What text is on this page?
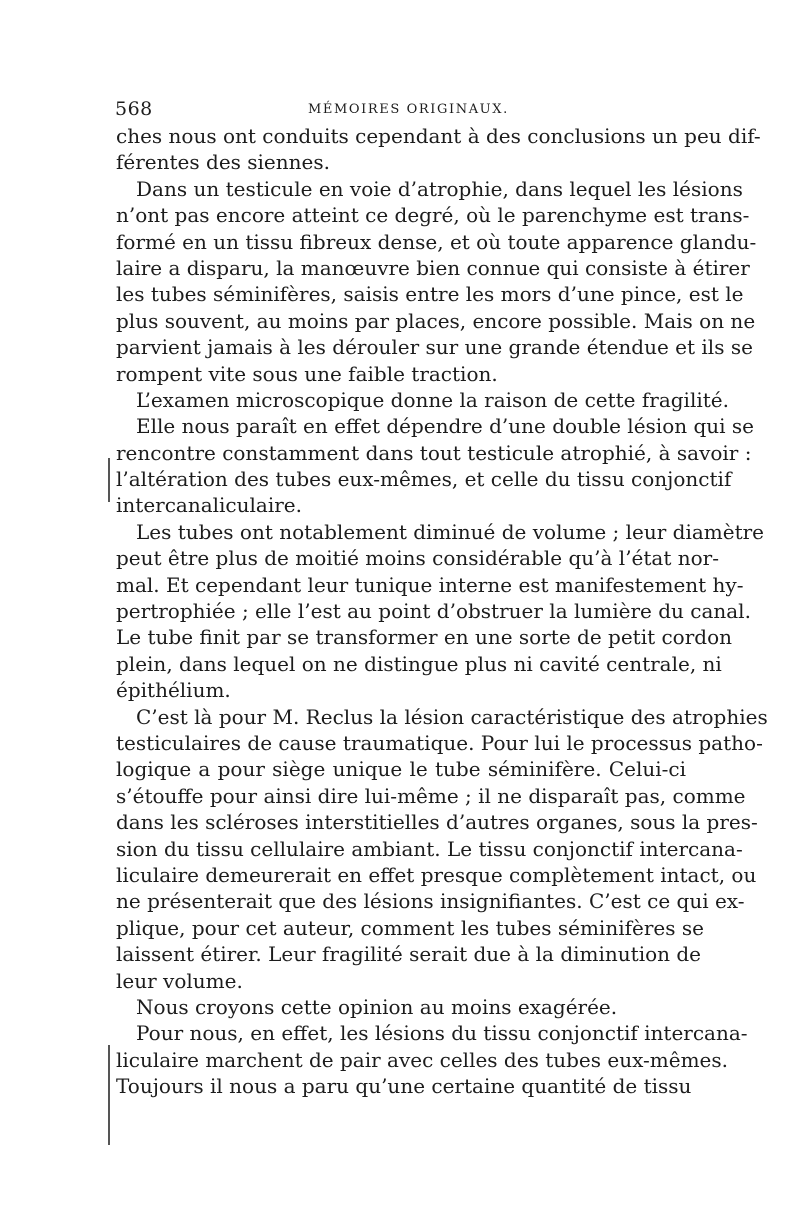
568	MÉMOIRES ORIGINAUX.
ches nous ont conduits cependant à des conclusions un peu dif-
férentes des siennes.
Dans un testicule en voie d’atrophie, dans lequel les lésions
n’ont pas encore atteint ce degré, où le parenchyme est trans-
formé en un tissu fibreux dense, et où toute apparence glandu-
laire a disparu, la manœuvre bien connue qui consiste à étirer
les tubes séminifères, saisis entre les mors d’une pince, est le
plus souvent, au moins par places, encore possible. Mais on ne
parvient jamais à les dérouler sur une grande étendue et ils se
rompent vite sous une faible traction.
L’examen microscopique donne la raison de cette fragilité.
Elle nous paraît en effet dépendre d’une double lésion qui se
rencontre constamment dans tout testicule atrophié, à savoir :
l’altération des tubes eux-mêmes, et celle du tissu conjonctif
intercanaliculaire.
Les tubes ont notablement diminué de volume ; leur diamètre
peut être plus de moitié moins considérable qu’à l’état nor-
mal. Et cependant leur tunique interne est manifestement hy-
pertrophiée ; elle l’est au point d’obstruer la lumière du canal.
Le tube finit par se transformer en une sorte de petit cordon
plein, dans lequel on ne distingue plus ni cavité centrale, ni
épithélium.
C’est là pour M. Reclus la lésion caractéristique des atrophies
testiculaires de cause traumatique. Pour lui le processus patho-
logique a pour siège unique le tube séminifère. Celui-ci
s’étouffe pour ainsi dire lui-même ; il ne disparaît pas, comme
dans les scléroses interstitielles d’autres organes, sous la pres-
sion du tissu cellulaire ambiant. Le tissu conjonctif intercana-
liculaire demeurerait en effet presque complètement intact, ou
ne présenterait que des lésions insignifiantes. C’est ce qui ex-
plique, pour cet auteur, comment les tubes séminifères se
laissent étirer. Leur fragilité serait due à la diminution de
leur volume.
Nous croyons cette opinion au moins exagérée.
Pour nous, en effet, les lésions du tissu conjonctif intercana-
liculaire marchent de pair avec celles des tubes eux-mêmes.
Toujours il nous a paru qu’une certaine quantité de tissu
